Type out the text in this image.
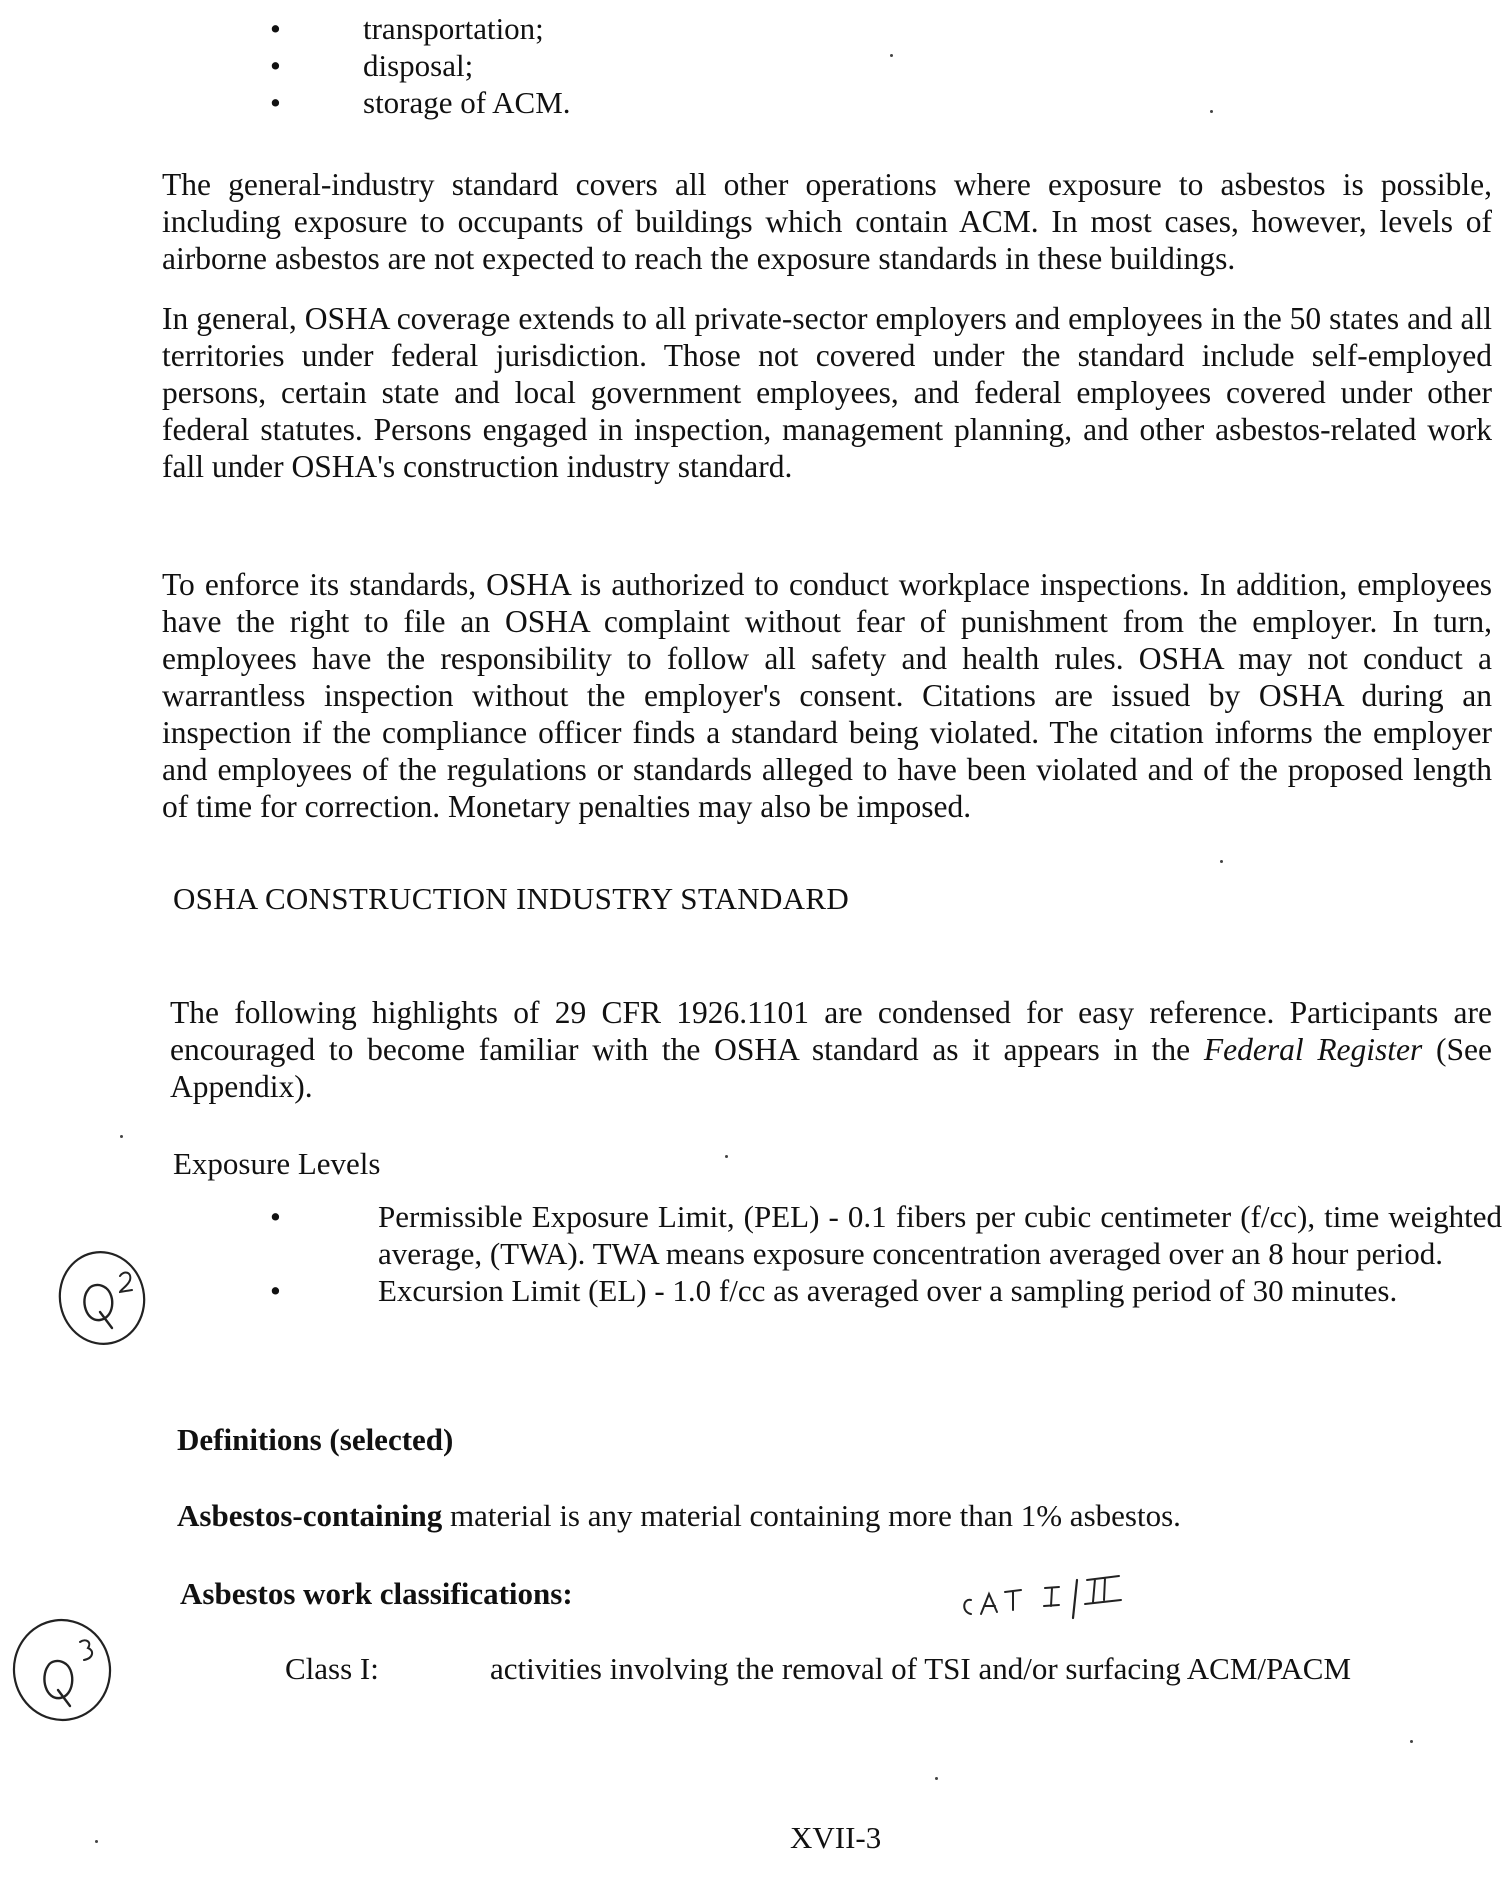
• transportation;
• disposal;
• storage of ACM.

The general-industry standard covers all other operations where exposure to asbestos is possible, including exposure to occupants of buildings which contain ACM. In most cases, however, levels of airborne asbestos are not expected to reach the exposure standards in these buildings.

In general, OSHA coverage extends to all private-sector employers and employees in the 50 states and all territories under federal jurisdiction. Those not covered under the standard include self-employed persons, certain state and local government employees, and federal employees covered under other federal statutes. Persons engaged in inspection, management planning, and other asbestos-related work fall under OSHA's construction industry standard.

To enforce its standards, OSHA is authorized to conduct workplace inspections. In addition, employees have the right to file an OSHA complaint without fear of punishment from the employer. In turn, employees have the responsibility to follow all safety and health rules. OSHA may not conduct a warrantless inspection without the employer's consent. Citations are issued by OSHA during an inspection if the compliance officer finds a standard being violated. The citation informs the employer and employees of the regulations or standards alleged to have been violated and of the proposed length of time for correction. Monetary penalties may also be imposed.

OSHA CONSTRUCTION INDUSTRY STANDARD

The following highlights of 29 CFR 1926.1101 are condensed for easy reference. Participants are encouraged to become familiar with the OSHA standard as it appears in the Federal Register (See Appendix).

Exposure Levels
• Permissible Exposure Limit, (PEL) - 0.1 fibers per cubic centimeter (f/cc), time weighted average, (TWA). TWA means exposure concentration averaged over an 8 hour period.
• Excursion Limit (EL) - 1.0 f/cc as averaged over a sampling period of 30 minutes.
Definitions (selected)

Asbestos-containing material is any material containing more than 1% asbestos.

Asbestos work classifications:
Class I:	activities involving the removal of TSI and/or surfacing ACM/PACM
XVII-3
